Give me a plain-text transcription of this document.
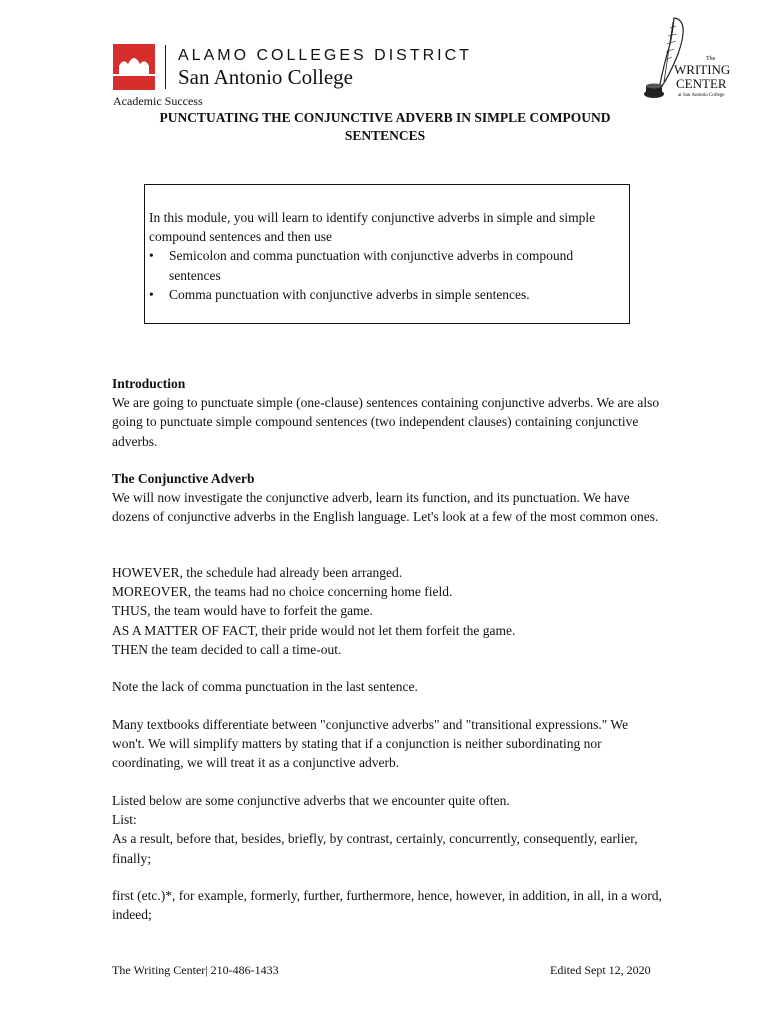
ALAMO COLLEGES DISTRICT
San Antonio College
Academic Success
The
WRITING
CENTER
at San Antonio College
PUNCTUATING THE CONJUNCTIVE ADVERB IN SIMPLE COMPOUND
SENTENCES
In this module, you will learn to identify conjunctive adverbs in simple and simple compound sentences and then use
• Semicolon and comma punctuation with conjunctive adverbs in compound sentences
• Comma punctuation with conjunctive adverbs in simple sentences.

Introduction

We are going to punctuate simple (one-clause) sentences containing conjunctive adverbs. We are also going to punctuate simple compound sentences (two independent clauses) containing conjunctive adverbs.

The Conjunctive Adverb

We will now investigate the conjunctive adverb, learn its function, and its punctuation. We have dozens of conjunctive adverbs in the English language. Let's look at a few of the most common ones.

HOWEVER, the schedule had already been arranged.

MOREOVER, the teams had no choice concerning home field.

THUS, the team would have to forfeit the game.

AS A MATTER OF FACT, their pride would not let them forfeit the game.

THEN the team decided to call a time-out.

Note the lack of comma punctuation in the last sentence.
Many textbooks differentiate between "conjunctive adverbs" and "transitional expressions." We won't. We will simplify matters by stating that if a conjunction is neither subordinating nor coordinating, we will treat it as a conjunctive adverb.

Listed below are some conjunctive adverbs that we encounter quite often.

List:

As a result, before that, besides, briefly, by contrast, certainly, concurrently, consequently, earlier, finally;

first (etc.)*, for example, formerly, further, furthermore, hence, however, in addition, in all, in a word, indeed;
The Writing Center| 210-486-1433	Edited Sept 12, 2020
